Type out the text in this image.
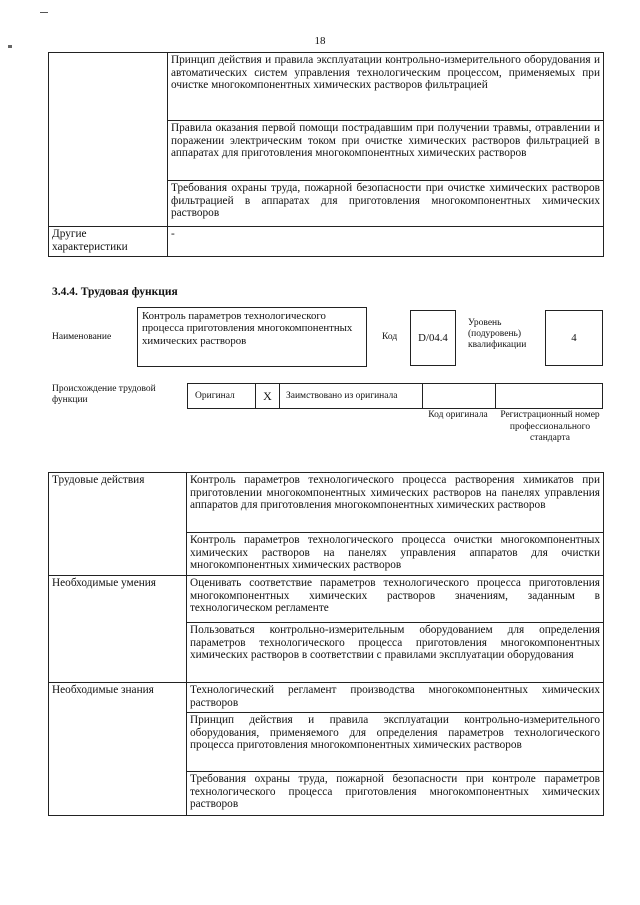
18
	Принцип действия и правила эксплуатации контрольно-измерительного оборудования и автоматических систем управления технологическим процессом, применяемых при очистке многокомпонентных химических растворов фильтрацией
	Правила оказания первой помощи пострадавшим при получении травмы, отравлении и поражении электрическим током при очистке химических растворов фильтрацией в аппаратах для приготовления многокомпонентных химических растворов
	Требования охраны труда, пожарной безопасности при очистке химических растворов фильтрацией в аппаратах для приготовления многокомпонентных химических растворов
Другие характеристики	-
3.4.4. Трудовая функция
Наименование
Контроль параметров технологического процесса приготовления многокомпонентных химических растворов	Код	D/04.4
Уровень (подуровень) квалификации
4
Происхождение трудовой функции	Оригинал	X	Заимствовано из оригинала
Код оригинала	Регистрационный номер профессионального стандарта
Трудовые действия	Контроль параметров технологического процесса растворения химикатов при приготовлении многокомпонентных химических растворов на панелях управления аппаратов для приготовления многокомпонентных химических растворов
	Контроль параметров технологического процесса очистки многокомпонентных химических растворов на панелях управления аппаратов для очистки многокомпонентных химических растворов
Необходимые умения	Оценивать соответствие параметров технологического процесса приготовления многокомпонентных химических растворов значениям, заданным в технологическом регламенте
	Пользоваться контрольно-измерительным оборудованием для определения параметров технологического процесса приготовления многокомпонентных химических растворов в соответствии с правилами эксплуатации оборудования
Необходимые знания	Технологический регламент производства многокомпонентных химических растворов
	Принцип действия и правила эксплуатации контрольно-измерительного оборудования, применяемого для определения параметров технологического процесса приготовления многокомпонентных химических растворов
	Требования охраны труда, пожарной безопасности при контроле параметров технологического процесса приготовления многокомпонентных химических растворов
